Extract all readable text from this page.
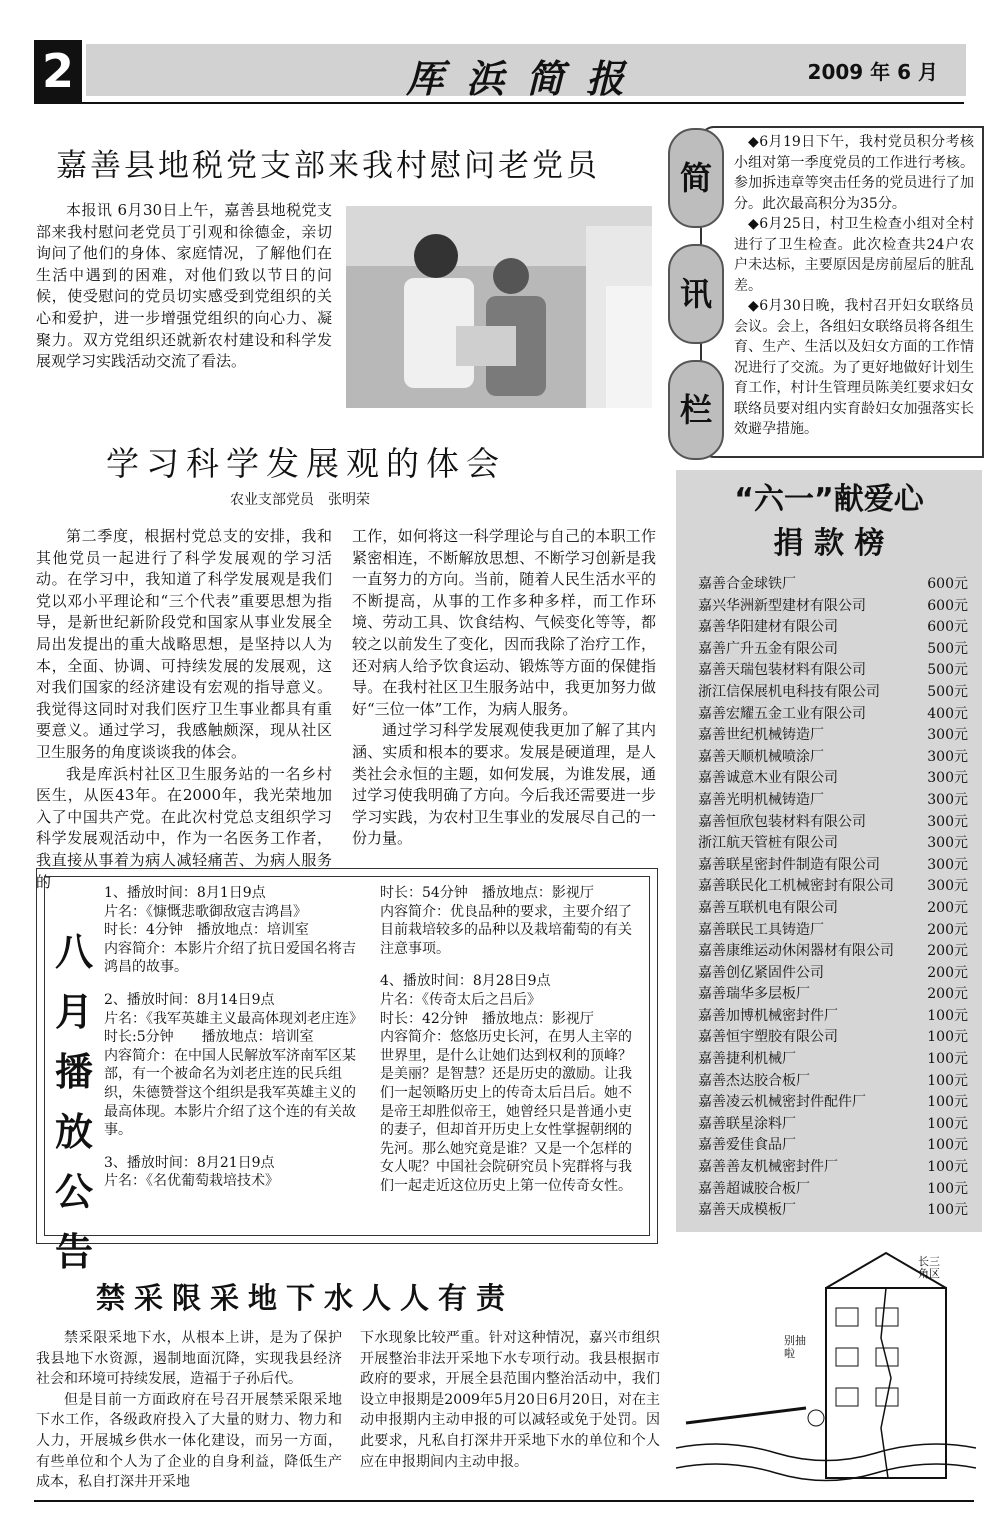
2	厍浜简报	2009 年 6 月
嘉善县地税党支部来我村慰问老党员

本报讯 6月30日上午，嘉善县地税党支部来我村慰问老党员丁引观和徐德金，亲切询问了他们的身体、家庭情况，了解他们在生活中遇到的困难，对他们致以节日的问候，使受慰问的党员切实感受到党组织的关心和爱护，进一步增强党组织的向心力、凝聚力。双方党组织还就新农村建设和科学发展观学习实践活动交流了看法。

简
讯
栏

◆6月19日下午，我村党员积分考核小组对第一季度党员的工作进行考核。参加拆违章等突击任务的党员进行了加分。此次最高积分为35分。

◆6月25日，村卫生检查小组对全村进行了卫生检查。此次检查共24户农户未达标，主要原因是房前屋后的脏乱差。

◆6月30日晚，我村召开妇女联络员会议。会上，各组妇女联络员将各组生育、生产、生活以及妇女方面的工作情况进行了交流。为了更好地做好计划生育工作，村计生管理员陈美红要求妇女联络员要对组内实育龄妇女加强落实长效避孕措施。

学习科学发展观的体会
农业支部党员　张明荣

第二季度，根据村党总支的安排，我和其他党员一起进行了科学发展观的学习活动。在学习中，我知道了科学发展观是我们党以邓小平理论和“三个代表”重要思想为指导，是新世纪新阶段党和国家从事业发展全局出发提出的重大战略思想，是坚持以人为本，全面、协调、可持续发展的发展观，这对我们国家的经济建设有宏观的指导意义。我觉得这同时对我们医疗卫生事业都具有重要意义。通过学习，我感触颇深，现从社区卫生服务的角度谈谈我的体会。

我是库浜村社区卫生服务站的一名乡村医生，从医43年。在2000年，我光荣地加入了中国共产党。在此次村党总支组织学习科学发展观活动中，作为一名医务工作者，我直接从事着为病人减轻痛苦、为病人服务的

工作，如何将这一科学理论与自己的本职工作紧密相连，不断解放思想、不断学习创新是我一直努力的方向。当前，随着人民生活水平的不断提高，从事的工作多种多样，而工作环境、劳动工具、饮食结构、气候变化等等，都较之以前发生了变化，因而我除了治疗工作，还对病人给予饮食运动、锻炼等方面的保健指导。在我村社区卫生服务站中，我更加努力做好“三位一体”工作，为病人服务。

通过学习科学发展观使我更加了解了其内涵、实质和根本的要求。发展是硬道理，是人类社会永恒的主题，如何发展，为谁发展，通过学习使我明确了方向。今后我还需要进一步学习实践，为农村卫生事业的发展尽自己的一份力量。

“六一”献爱心
捐 款 榜
嘉善合金球铁厂	600元
嘉兴华洲新型建材有限公司	600元
嘉善华阳建材有限公司	600元
嘉善广升五金有限公司	500元
嘉善天瑞包装材料有限公司	500元
浙江信保展机电科技有限公司	500元
嘉善宏耀五金工业有限公司	400元
嘉善世纪机械铸造厂	300元
嘉善天顺机械喷涂厂	300元
嘉善诚意木业有限公司	300元
嘉善光明机械铸造厂	300元
嘉善恒欣包装材料有限公司	300元
浙江航天管桩有限公司	300元
嘉善联星密封件制造有限公司	300元
嘉善联民化工机械密封有限公司 300元
嘉善互联机电有限公司	200元
嘉善联民工具铸造厂	200元
嘉善康维运动休闲器材有限公司 200元
嘉善创亿紧固件公司	200元
嘉善瑞华多层板厂	200元
嘉善加博机械密封件厂	100元
嘉善恒宇塑胶有限公司	100元
嘉善捷利机械厂	100元
嘉善杰达胶合板厂	100元
嘉善凌云机械密封件配件厂	100元
嘉善联星涂料厂	100元
嘉善爱佳食品厂	100元
嘉善善友机械密封件厂	100元
嘉善超诚胶合板厂	100元
嘉善天成模板厂	100元
八
月
播
放
公
告

1、播放时间：8月1日9点

片名：《慷慨悲歌御敌寇吉鸿昌》

时长：4分钟　播放地点：培训室

内容简介：本影片介绍了抗日爱国名将吉鸿昌的故事。

2、播放时间：8月14日9点

片名：《我军英雄主义最高体现刘老庄连》

时长:5分钟　　播放地点：培训室

内容简介：在中国人民解放军济南军区某部，有一个被命名为刘老庄连的民兵组织，朱德赞誉这个组织是我军英雄主义的最高体现。本影片介绍了这个连的有关故事。

3、播放时间：8月21日9点

片名：《名优葡萄栽培技术》

时长：54分钟　播放地点：影视厅

内容简介：优良品种的要求，主要介绍了目前栽培较多的品种以及栽培葡萄的有关注意事项。

4、播放时间：8月28日9点

片名：《传奇太后之吕后》

时长：42分钟　播放地点：影视厅

内容简介：悠悠历史长河，在男人主宰的世界里，是什么让她们达到权利的顶峰？是美丽？是智慧？还是历史的激励。让我们一起领略历史上的传奇太后吕后。她不是帝王却胜似帝王，她曾经只是普通小吏的妻子，但却首开历史上女性掌握朝纲的先河。那么她究竟是谁？又是一个怎样的女人呢？中国社会院研究员卜宪群将与我们一起走近这位历史上第一位传奇女性。

禁采限采地下水人人有责

禁采限采地下水，从根本上讲，是为了保护我县地下水资源，遏制地面沉降，实现我县经济社会和环境可持续发展，造福于子孙后代。

但是目前一方面政府在号召开展禁采限采地下水工作，各级政府投入了大量的财力、物力和人力，开展城乡供水一体化建设，而另一方面，有些单位和个人为了企业的自身利益，降低生产成本，私自打深井开采地

下水现象比较严重。针对这种情况，嘉兴市组织开展整治非法开采地下水专项行动。我县根据市政府的要求，开展全县范围内整治活动中，我们设立申报期是2009年5月20日6月20日，对在主动申报期内主动申报的可以减轻或免于处罚。因此要求，凡私自打深井开采地下水的单位和个人应在申报期间内主动申报。

长三角区
别抽啦
